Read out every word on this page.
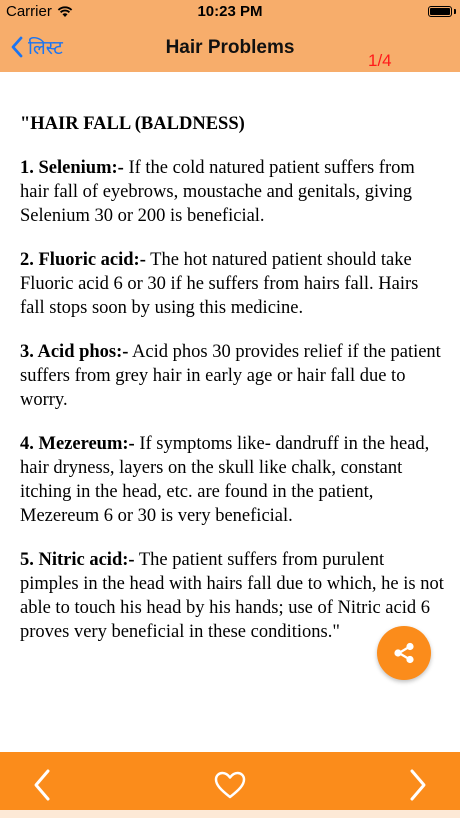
Carrier	10:23 PM
लिस्ट	Hair Problems
1/4
"HAIR FALL (BALDNESS)

1. Selenium:- If the cold natured patient suffers from hair fall of eyebrows, moustache and genitals, giving Selenium 30 or 200 is beneficial.

2. Fluoric acid:- The hot natured patient should take Fluoric acid 6 or 30 if he suffers from hairs fall. Hairs fall stops soon by using this medicine.

3. Acid phos:- Acid phos 30 provides relief if the patient suffers from grey hair in early age or hair fall due to worry.

4. Mezereum:- If symptoms like- dandruff in the head, hair dryness, layers on the skull like chalk, constant itching in the head, etc. are found in the patient, Mezereum 6 or 30 is very beneficial.

5. Nitric acid:- The patient suffers from purulent pimples in the head with hairs fall due to which, he is not able to touch his head by his hands; use of Nitric acid 6 proves very beneficial in these conditions."
